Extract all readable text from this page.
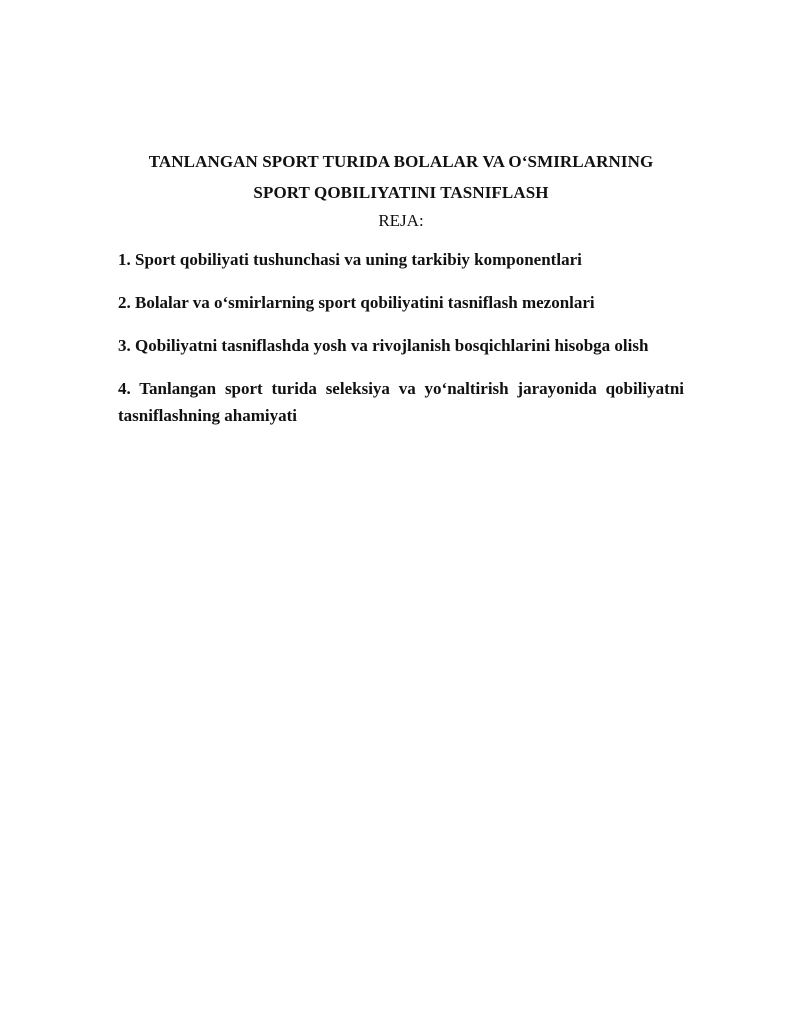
TANLANGAN SPORT TURIDA BOLALAR VA O‘SMIRLARNING
SPORT QOBILIYATINI TASNIFLASH

REJA:

1. Sport qobiliyati tushunchasi va uning tarkibiy komponentlari
2. Bolalar va o‘smirlarning sport qobiliyatini tasniflash mezonlari
3. Qobiliyatni tasniflashda yosh va rivojlanish bosqichlarini hisobga olish
4. Tanlangan sport turida seleksiya va yo‘naltirish jarayonida qobiliyatni tasniflashning ahamiyati
